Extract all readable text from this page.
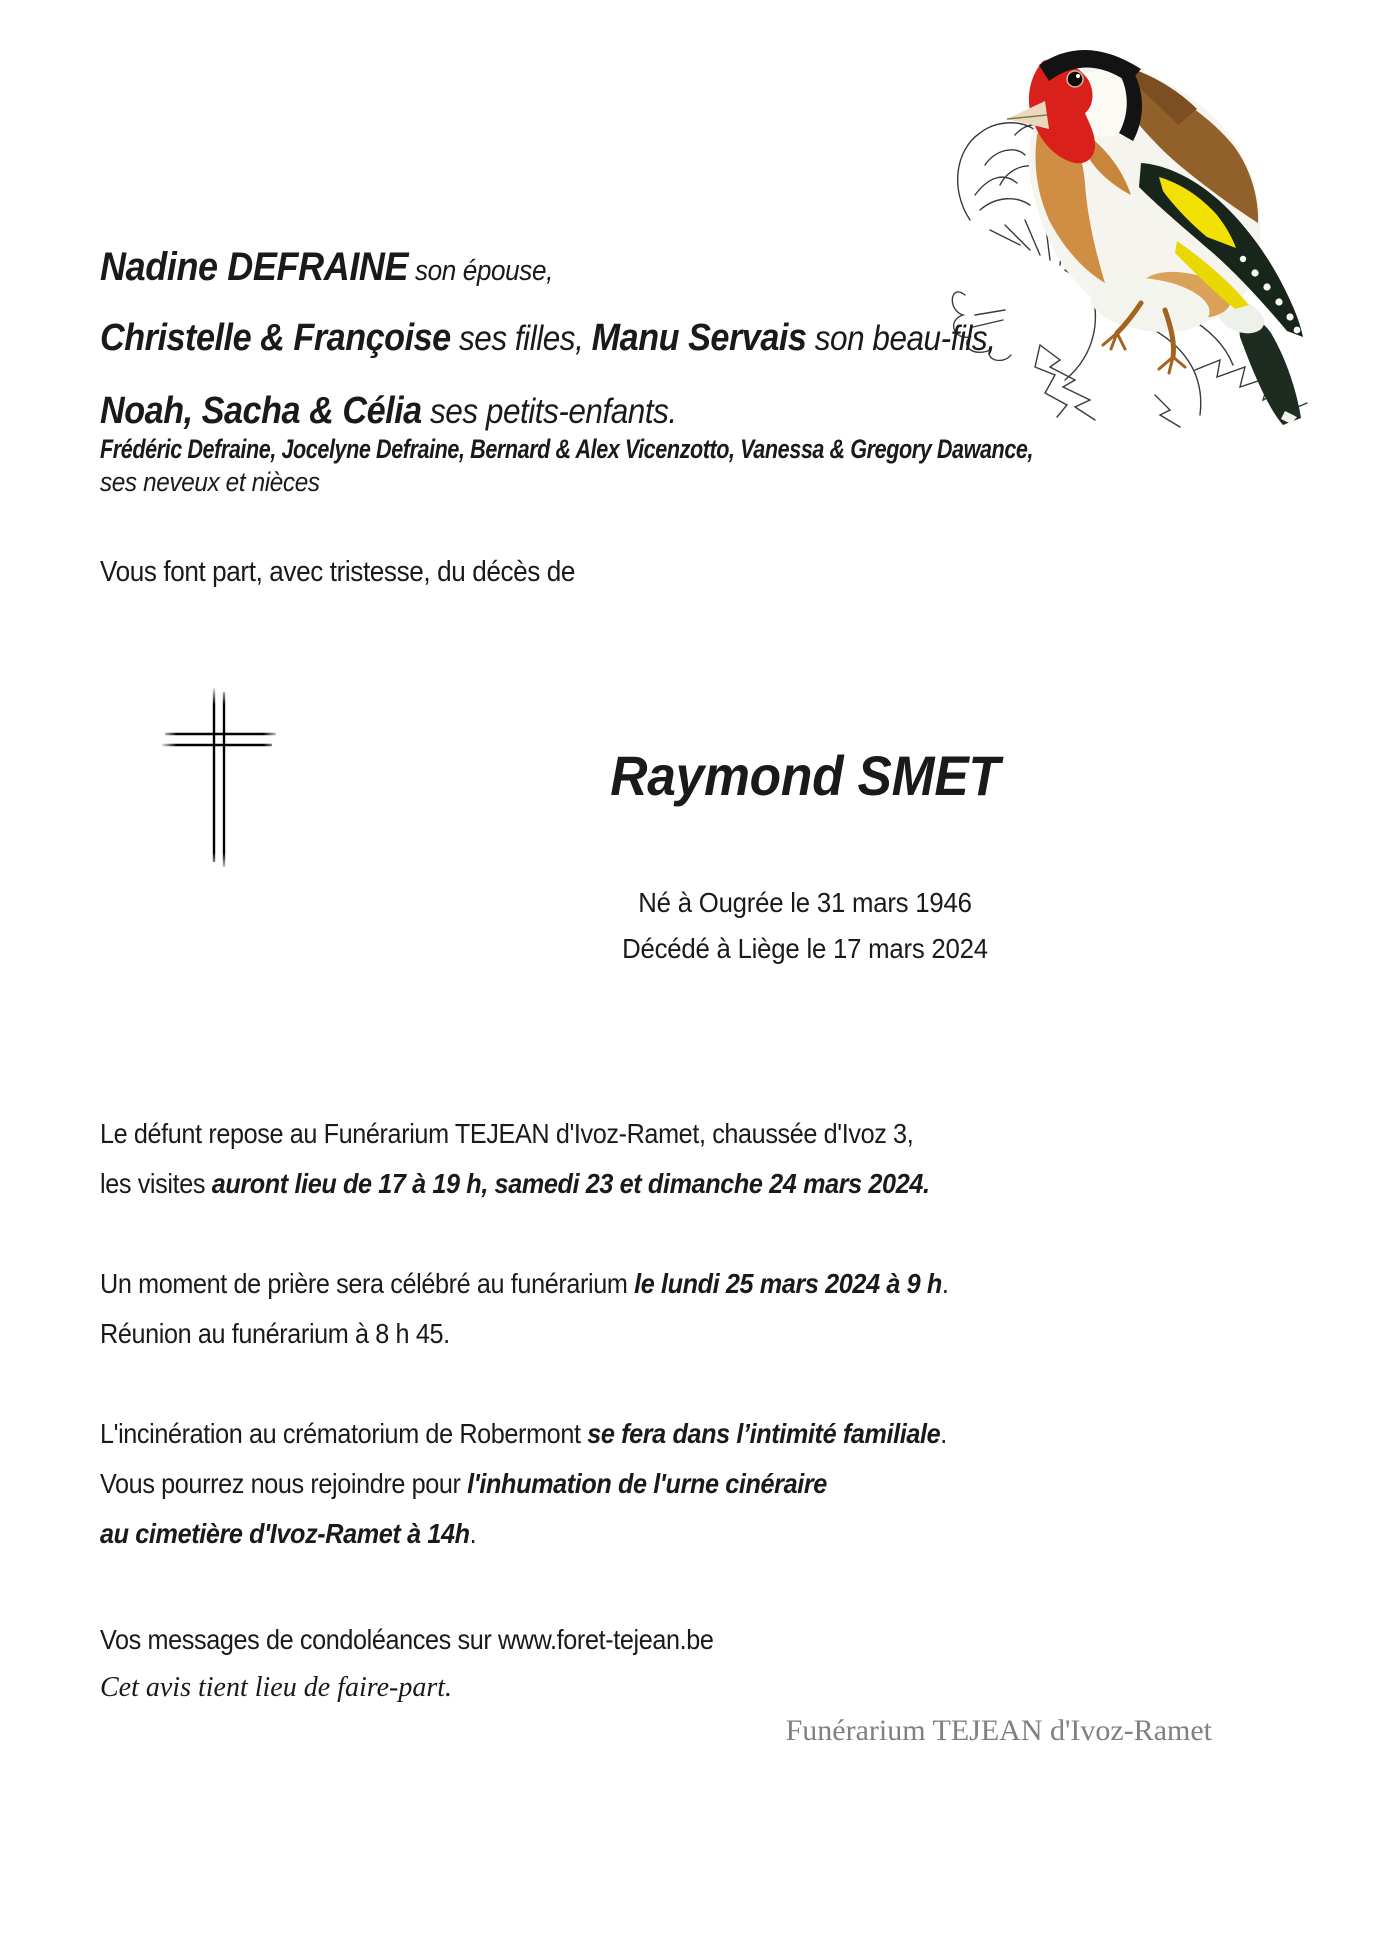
Nadine DEFRAINE son épouse,

Christelle & Françoise ses filles, Manu Servais son beau-fils,

Noah, Sacha & Célia ses petits-enfants.

Frédéric Defraine, Jocelyne Defraine, Bernard & Alex Vicenzotto, Vanessa & Gregory Dawance,

ses neveux et nièces

Vous font part, avec tristesse, du décès de

Raymond SMET

Né à Ougrée le 31 mars 1946

Décédé à Liège le 17 mars 2024

Le défunt repose au Funérarium TEJEAN d'Ivoz-Ramet, chaussée d'Ivoz 3,

les visites auront lieu de 17 à 19 h, samedi 23 et dimanche 24 mars 2024.

Un moment de prière sera célébré au funérarium le lundi 25 mars 2024 à 9 h.

Réunion au funérarium à 8 h 45.

L'incinération au crématorium de Robermont se fera dans l’intimité familiale.

Vous pourrez nous rejoindre pour l'inhumation de l'urne cinéraire

au cimetière d'Ivoz-Ramet à 14h.

Vos messages de condoléances sur www.foret-tejean.be

Cet avis tient lieu de faire-part.

Funérarium TEJEAN d'Ivoz-Ramet
